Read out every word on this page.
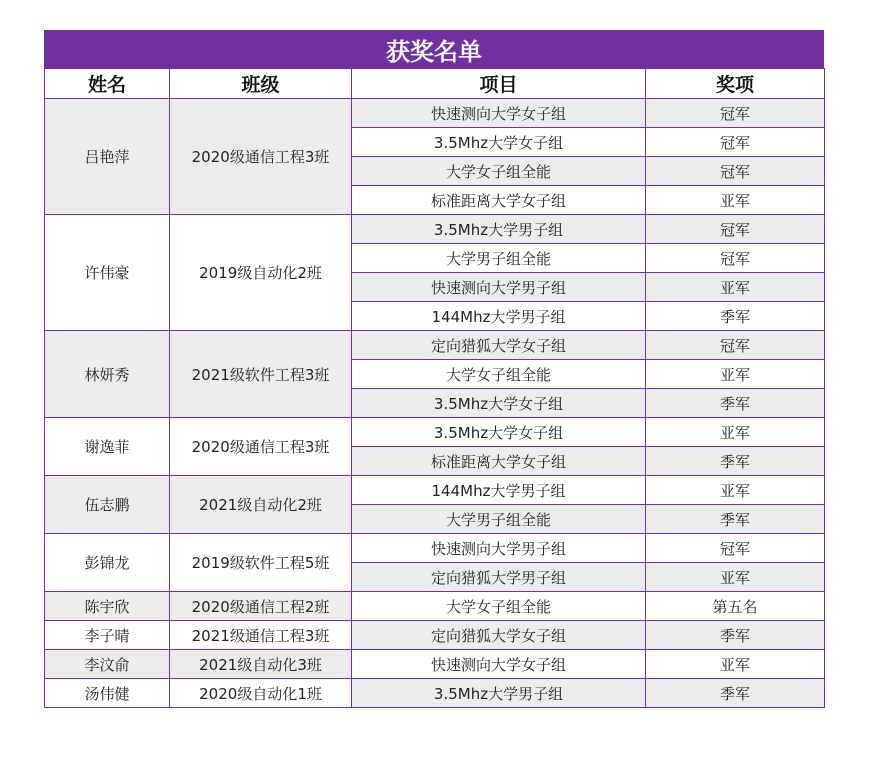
获奖名单
姓名	班级	项目	奖项
吕艳萍	2020级通信工程3班	快速测向大学女子组	冠军
		3.5Mhz大学女子组	冠军
		大学女子组全能	冠军
		标准距离大学女子组	亚军
许伟豪	2019级自动化2班	3.5Mhz大学男子组	冠军
		大学男子组全能	冠军
		快速测向大学男子组	亚军
		144Mhz大学男子组	季军
林妍秀	2021级软件工程3班	定向猎狐大学女子组	冠军
		大学女子组全能	亚军
		3.5Mhz大学女子组	季军
谢逸菲	2020级通信工程3班	3.5Mhz大学女子组	亚军
		标准距离大学女子组	季军
伍志鹏	2021级自动化2班	144Mhz大学男子组	亚军
		大学男子组全能	季军
彭锦龙	2019级软件工程5班	快速测向大学男子组	冠军
		定向猎狐大学男子组	亚军
陈宇欣	2020级通信工程2班	大学女子组全能	第五名
李子晴	2021级通信工程3班	定向猎狐大学女子组	季军
李汶俞	2021级自动化3班	快速测向大学女子组	亚军
汤伟健	2020级自动化1班	3.5Mhz大学男子组	季军
